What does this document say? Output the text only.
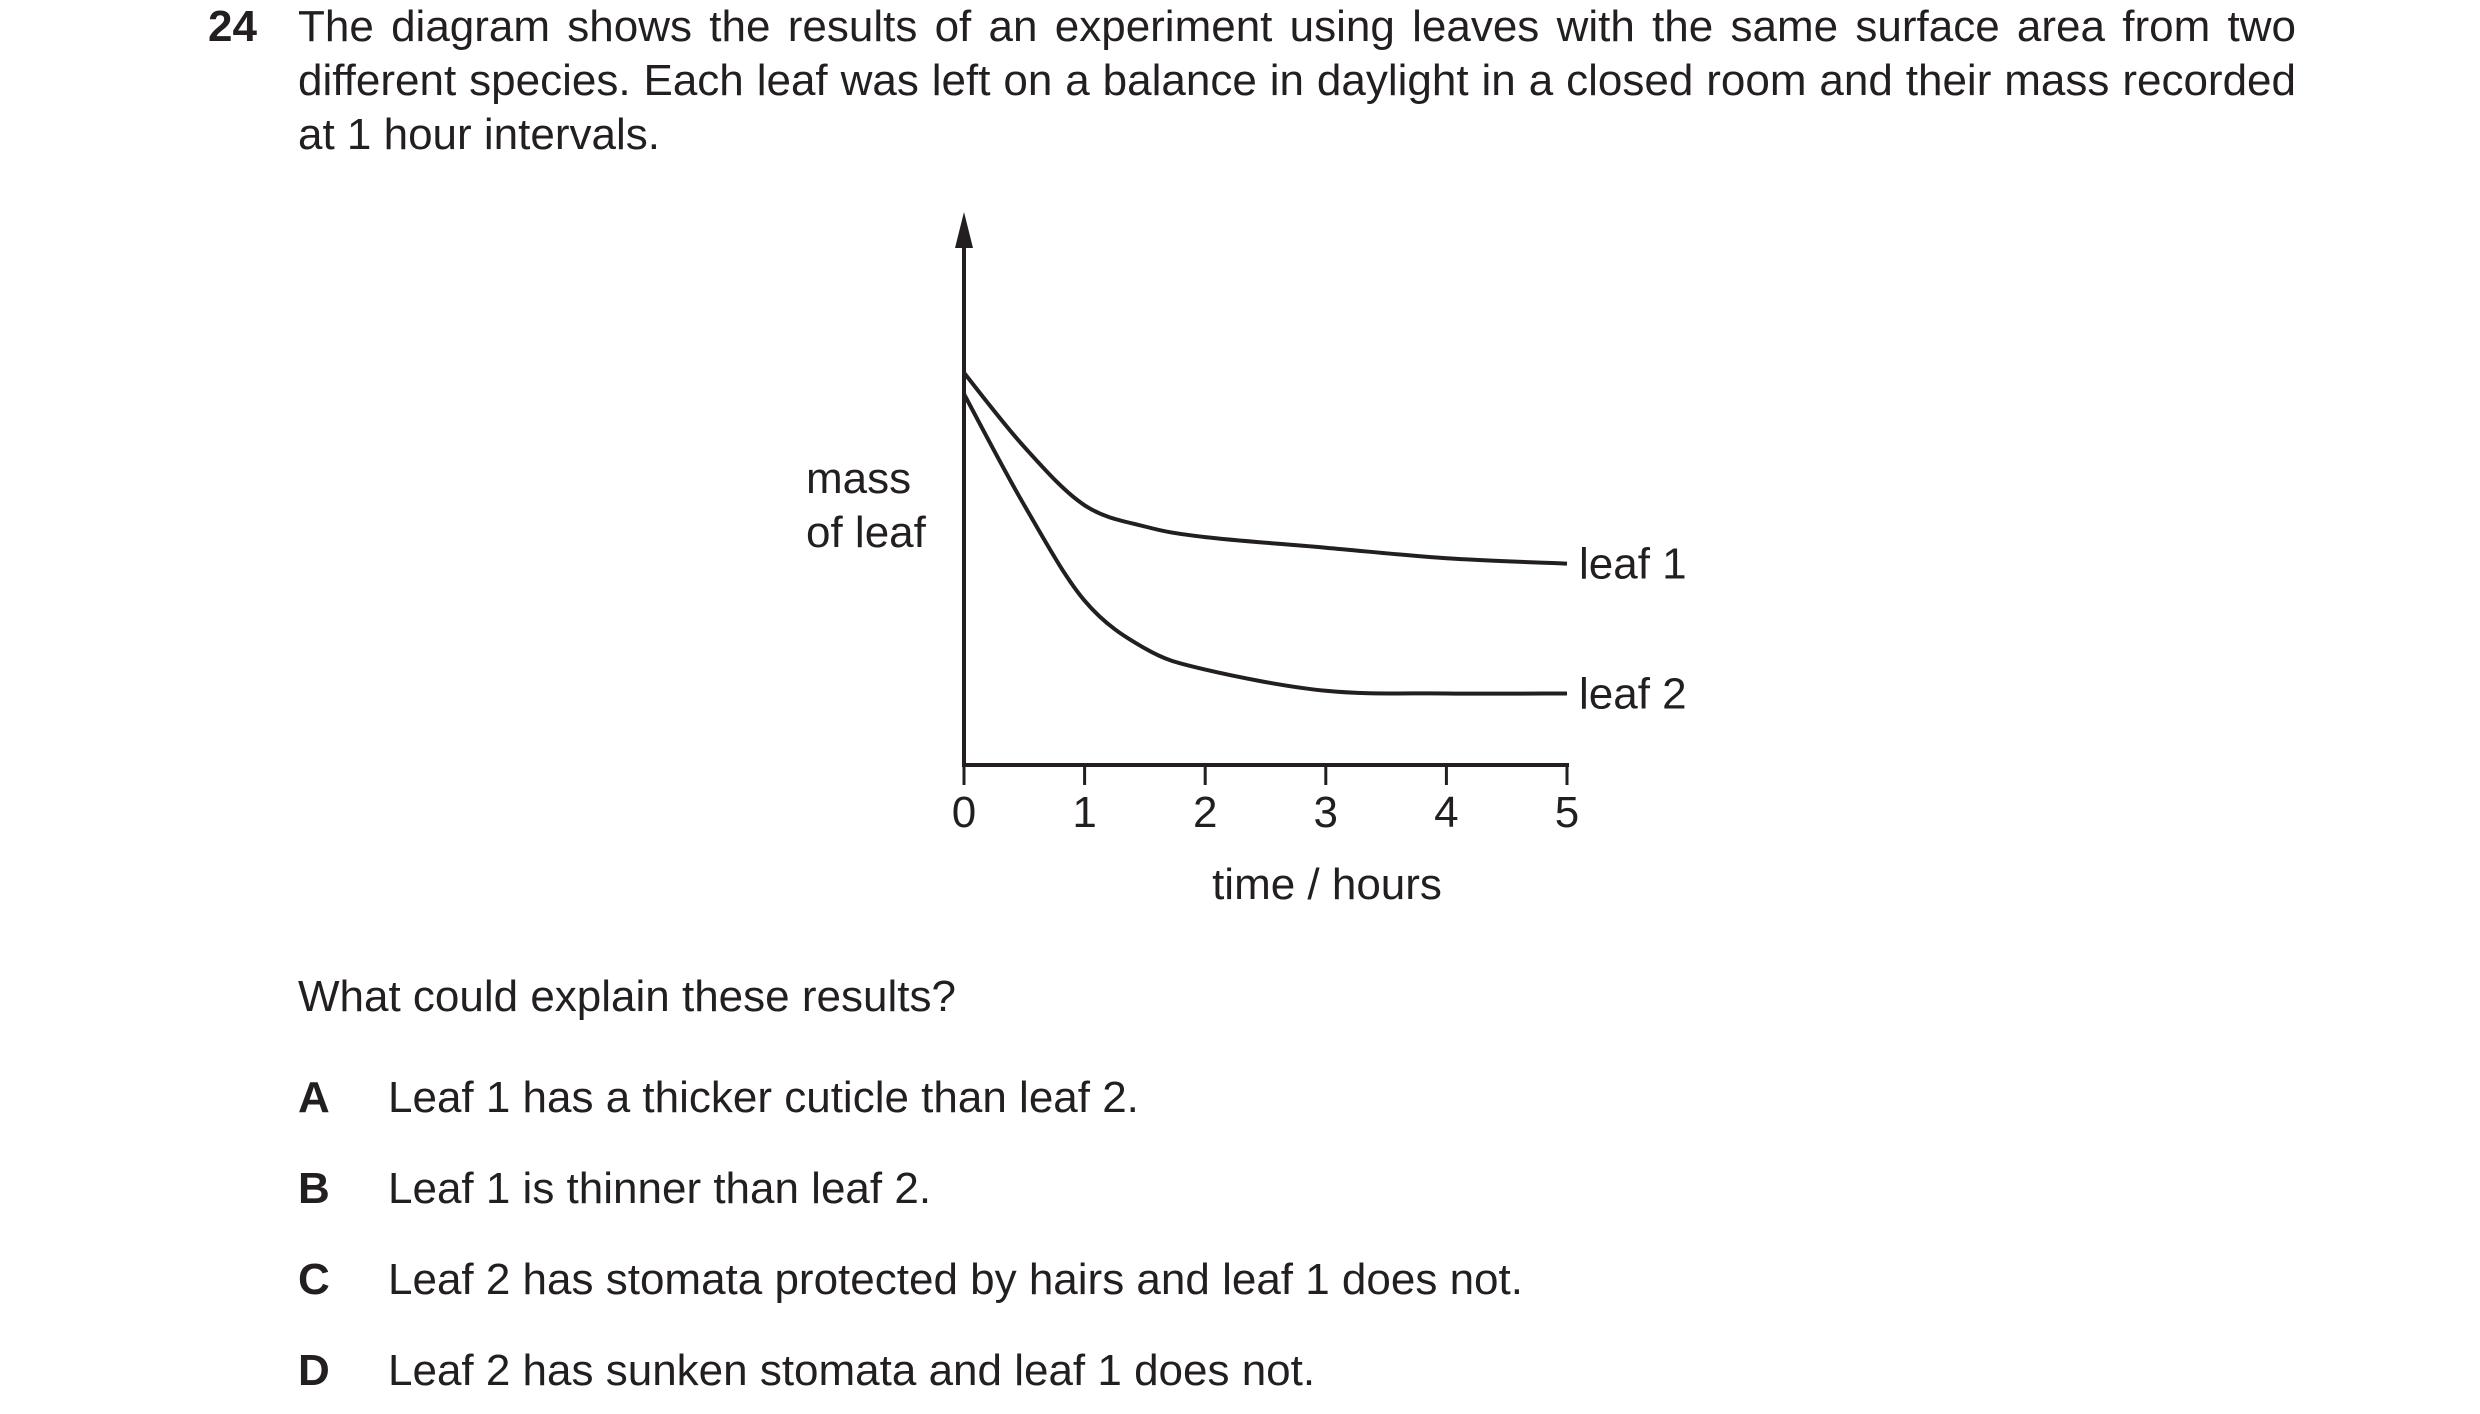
24 The diagram shows the results of an experiment using leaves with the same surface area from two different species. Each leaf was left on a balance in daylight in a closed room and their mass recorded at 1 hour intervals.
0 1 2 3 4 5
leaf 1
leaf 2
mass
of leaf
time / hours
What could explain these results?
A Leaf 1 has a thicker cuticle than leaf 2.
B Leaf 1 is thinner than leaf 2.
C Leaf 2 has stomata protected by hairs and leaf 1 does not.
D Leaf 2 has sunken stomata and leaf 1 does not.
